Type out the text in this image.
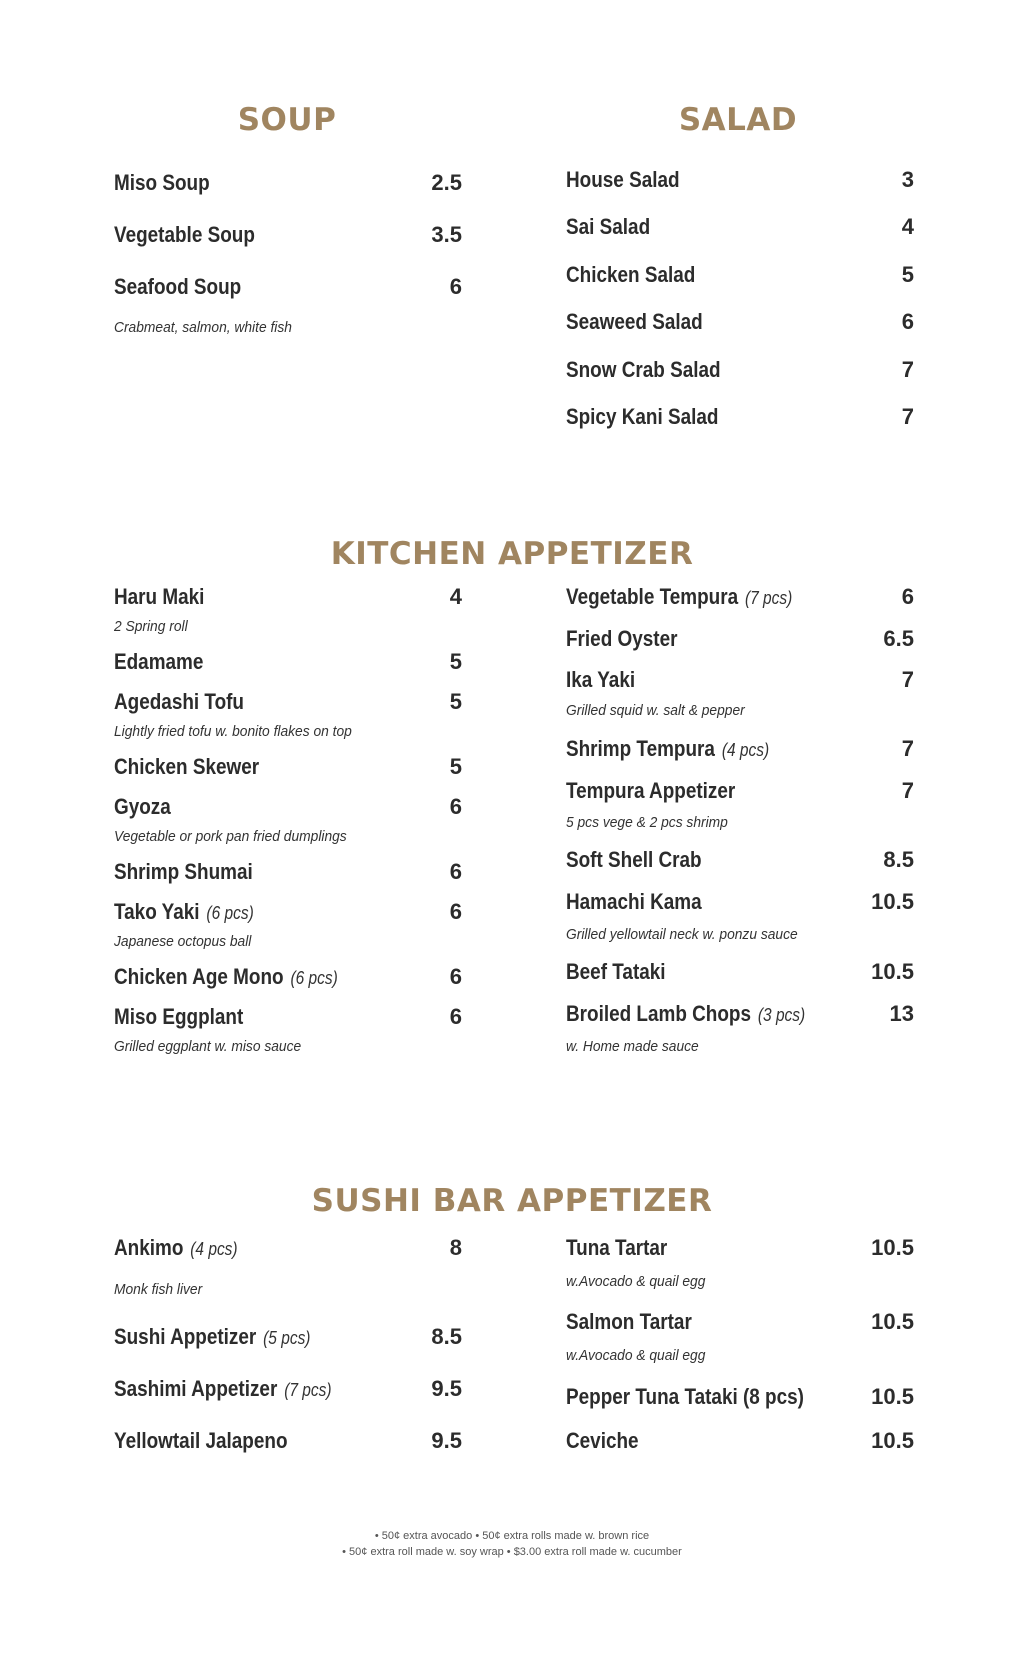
SOUP
Miso Soup	2.5
Vegetable Soup	3.5
Seafood Soup	6
Crabmeat, salmon, white fish
SALAD
House Salad	3
Sai Salad	4
Chicken Salad	5
Seaweed Salad	6
Snow Crab Salad	7
Spicy Kani Salad	7
KITCHEN APPETIZER
Haru Maki	4
2 Spring roll
Edamame	5
Agedashi Tofu	5
Lightly fried tofu w. bonito flakes on top
Chicken Skewer	5
Gyoza	6
Vegetable or pork pan fried dumplings
Shrimp Shumai	6
Tako Yaki (6 pcs)	6
Japanese octopus ball
Chicken Age Mono (6 pcs)	6
Miso Eggplant	6
Grilled eggplant w. miso sauce
Vegetable Tempura (7 pcs)	6
Fried Oyster	6.5
Ika Yaki	7
Grilled squid w. salt & pepper
Shrimp Tempura (4 pcs)	7
Tempura Appetizer	7
5 pcs vege & 2 pcs shrimp
Soft Shell Crab	8.5
Hamachi Kama	10.5
Grilled yellowtail neck w. ponzu sauce
Beef Tataki	10.5
Broiled Lamb Chops (3 pcs)	13
w. Home made sauce
SUSHI BAR APPETIZER
Ankimo (4 pcs)	8
Monk fish liver
Sushi Appetizer (5 pcs)	8.5
Sashimi Appetizer (7 pcs)	9.5
Yellowtail Jalapeno	9.5
Tuna Tartar	10.5
w.Avocado & quail egg
Salmon Tartar	10.5
w.Avocado & quail egg
Pepper Tuna Tataki (8 pcs)	10.5
Ceviche	10.5
• 50¢ extra avocado • 50¢ extra rolls made w. brown rice
• 50¢ extra roll made w. soy wrap • $3.00 extra roll made w. cucumber
